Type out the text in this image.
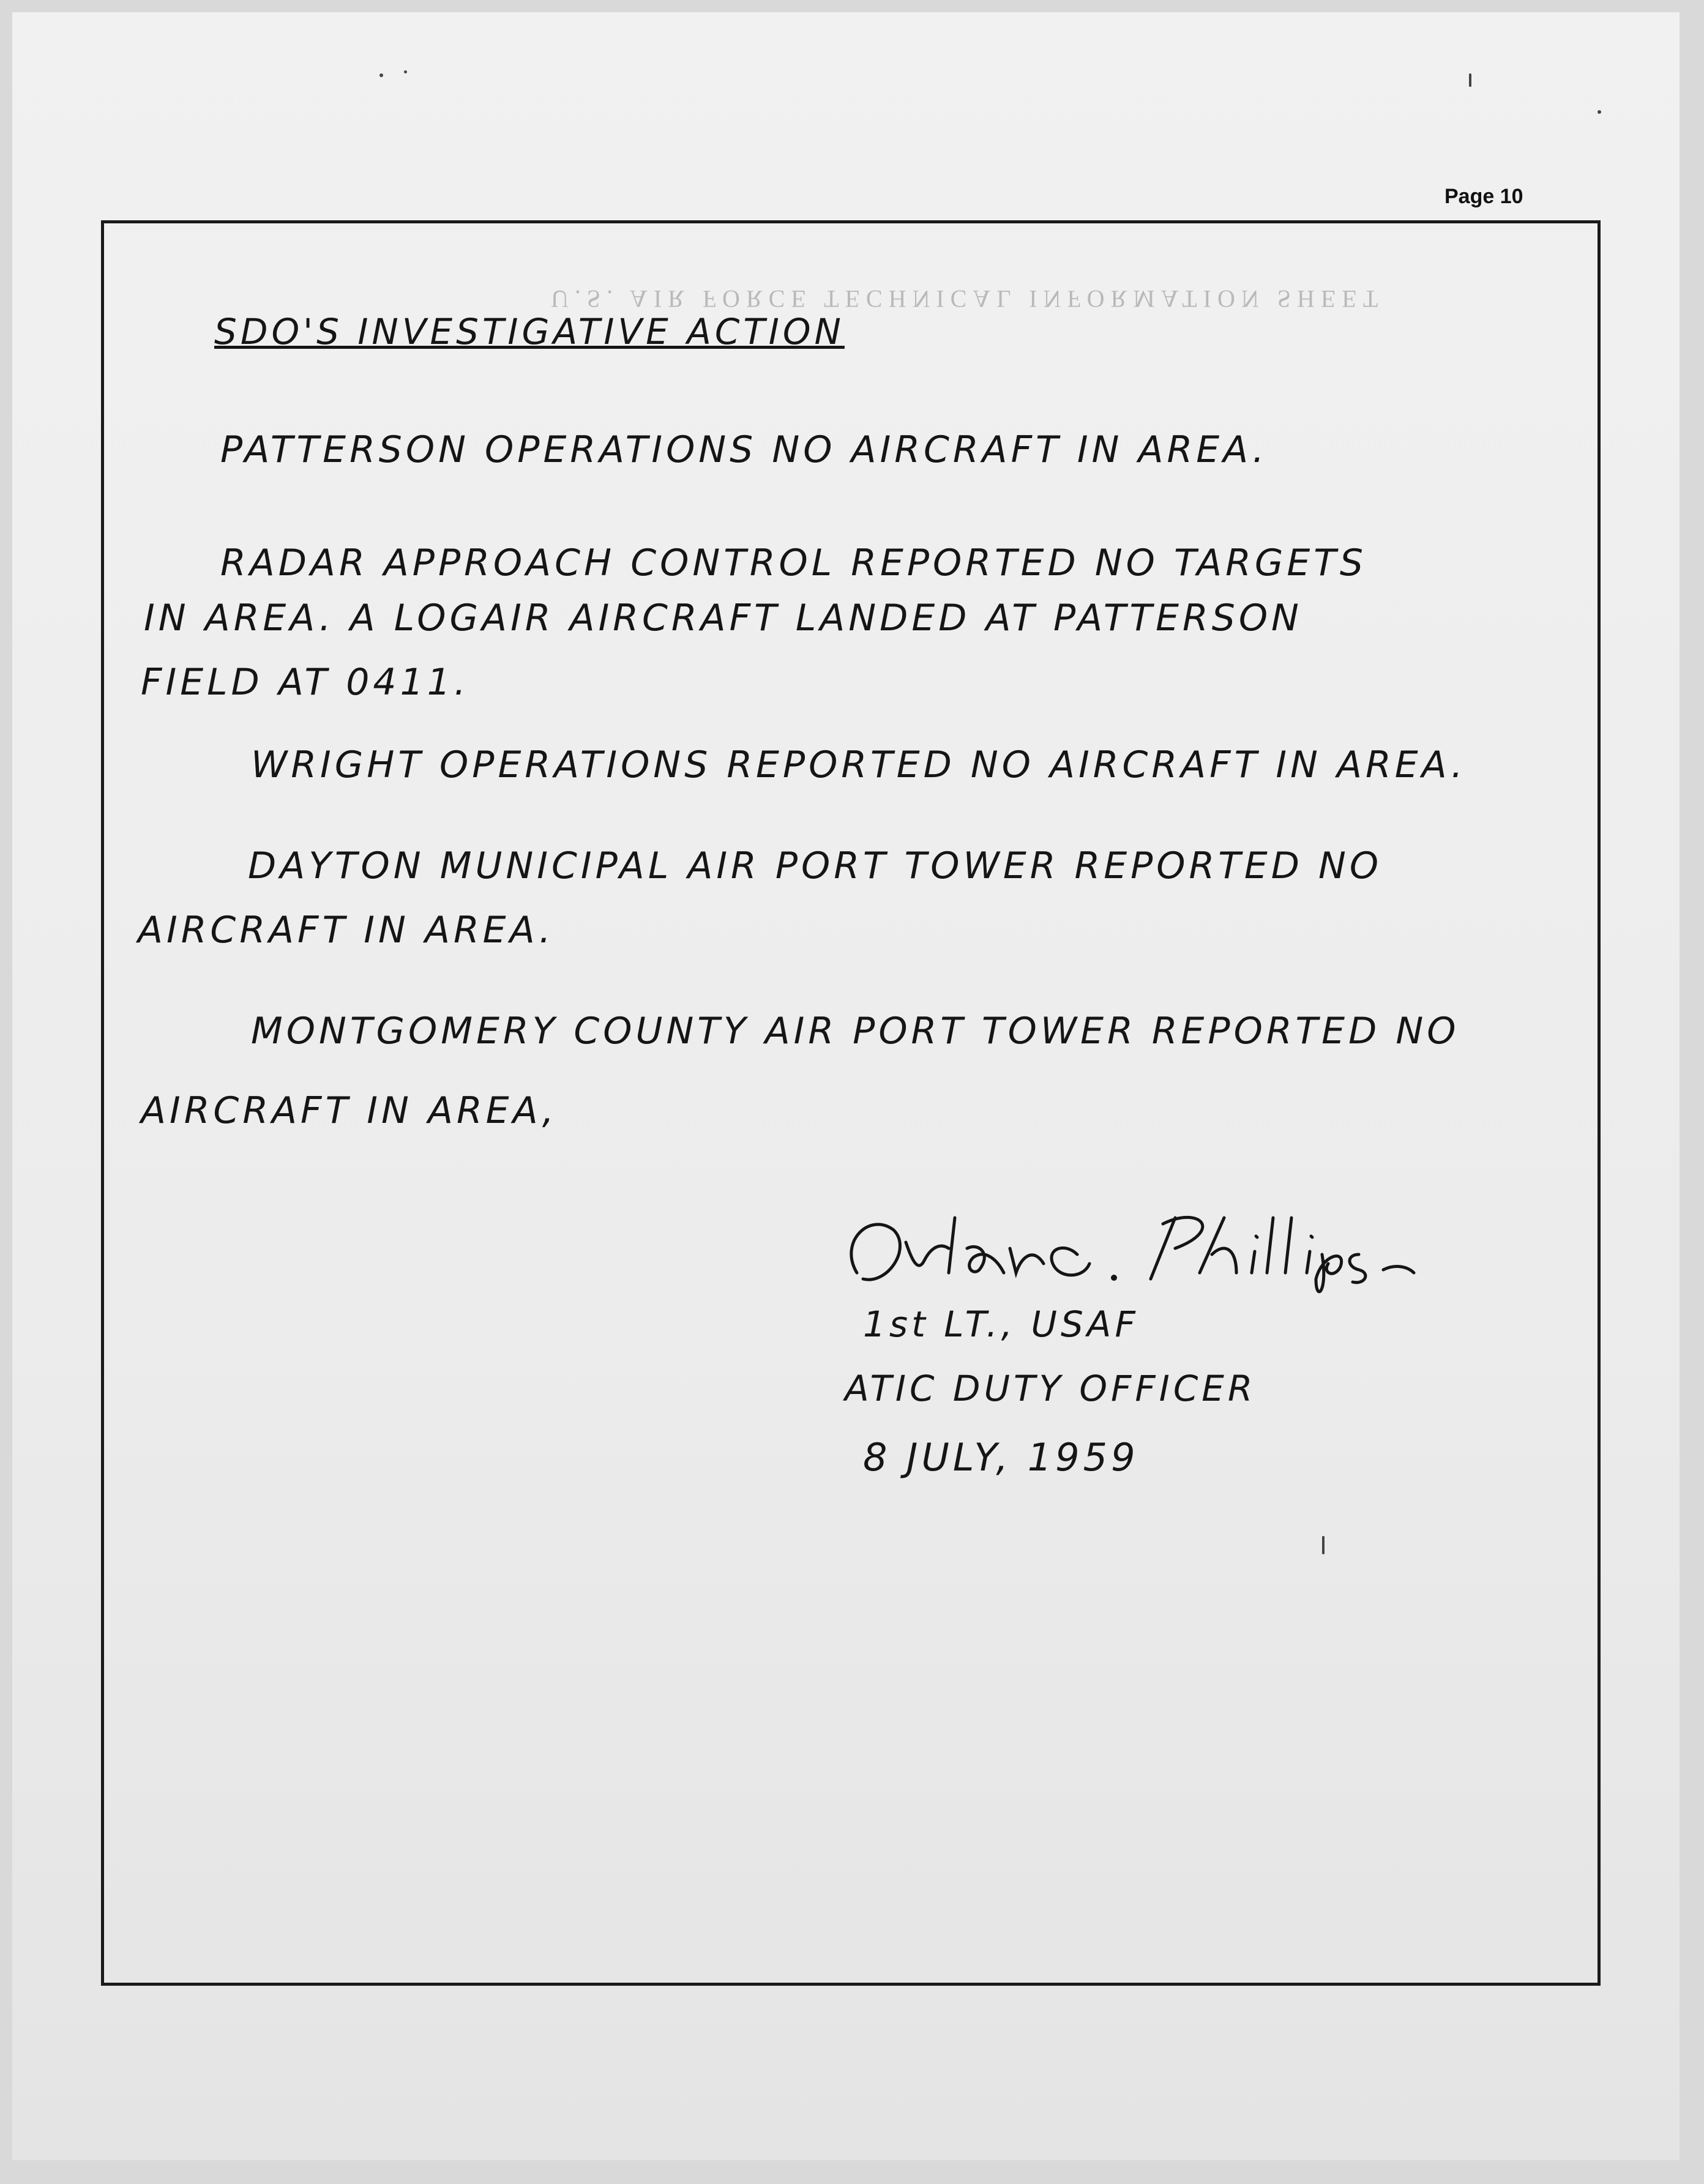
U.S. AIR FORCE TECHNICAL INFORMATION SHEET
Page 10
SDO'S INVESTIGATIVE ACTION
PATTERSON OPERATIONS NO AIRCRAFT IN AREA.
RADAR APPROACH CONTROL REPORTED NO TARGETS
IN AREA. A LOGAIR AIRCRAFT LANDED AT PATTERSON
FIELD AT 0411.
WRIGHT OPERATIONS REPORTED NO AIRCRAFT IN AREA.
DAYTON MUNICIPAL AIR PORT TOWER REPORTED NO
AIRCRAFT IN AREA.
MONTGOMERY COUNTY AIR PORT TOWER REPORTED NO
AIRCRAFT IN AREA,
Orlan S. Phillips
1st LT., USAF
ATIC DUTY OFFICER
8 JULY, 1959
